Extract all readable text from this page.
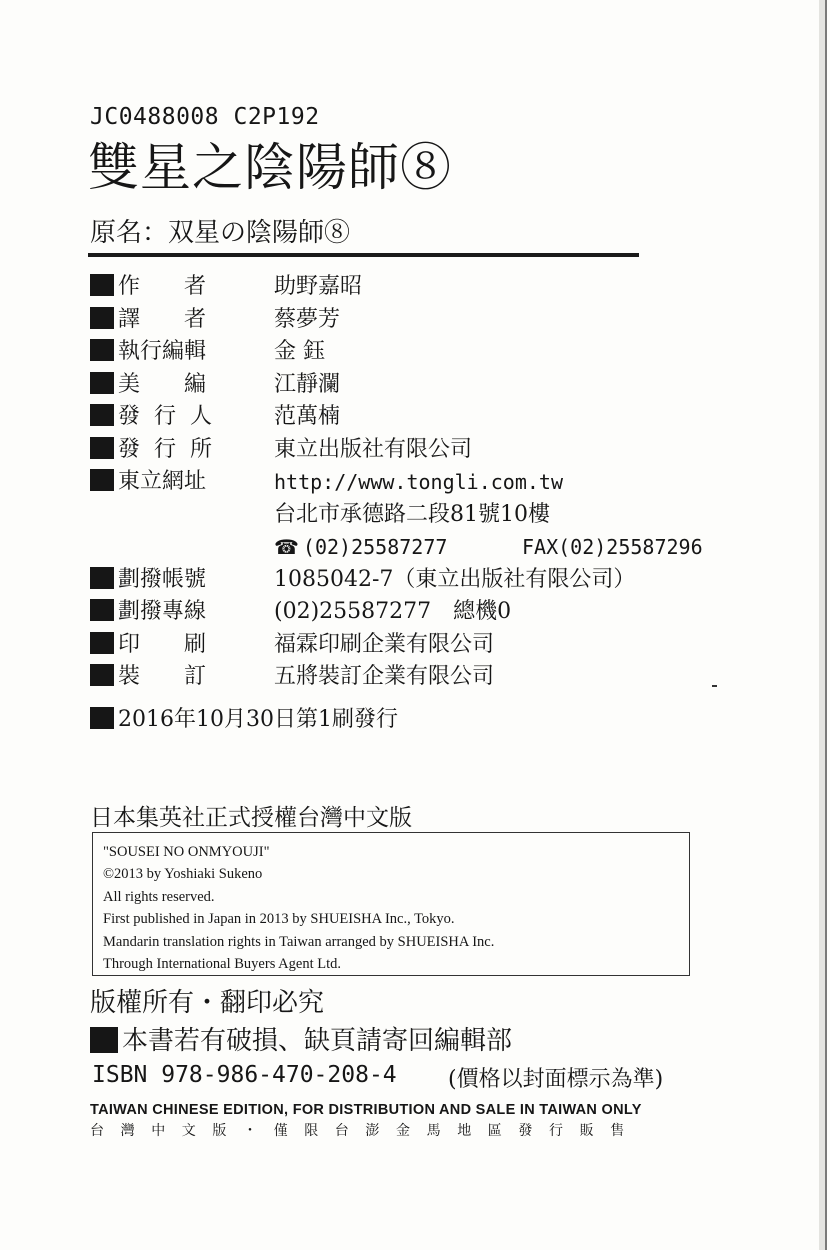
JC0488008 C2P192
雙星之陰陽師⑧
原名：双星の陰陽師⑧
作者 助野嘉昭
譯者 蔡夢芳
執行編輯	金 鈺
美編 江靜瀾
發行人 范萬楠
發行所 東立出版社有限公司
東立網址	http://www.tongli.com.tw
台北市承德路二段81號10樓
☎ (02)25587277	FAX(02)25587296
劃撥帳號	1085042-7（東立出版社有限公司）
劃撥專線	(02)25587277　總機0
印刷 福霖印刷企業有限公司
裝訂 五將裝訂企業有限公司
2016年10月30日第1刷發行
日本集英社正式授權台灣中文版
"SOUSEI NO ONMYOUJI"
©2013 by Yoshiaki Sukeno
All rights reserved.
First published in Japan in 2013 by SHUEISHA Inc., Tokyo.
Mandarin translation rights in Taiwan arranged by SHUEISHA Inc.
Through International Buyers Agent Ltd.
版權所有・翻印必究
本書若有破損、缺頁請寄回編輯部
ISBN 978-986-470-208-4 (價格以封面標示為準)
TAIWAN CHINESE EDITION, FOR DISTRIBUTION AND SALE IN TAIWAN ONLY
台灣中文版・僅限台澎金馬地區發行販售
